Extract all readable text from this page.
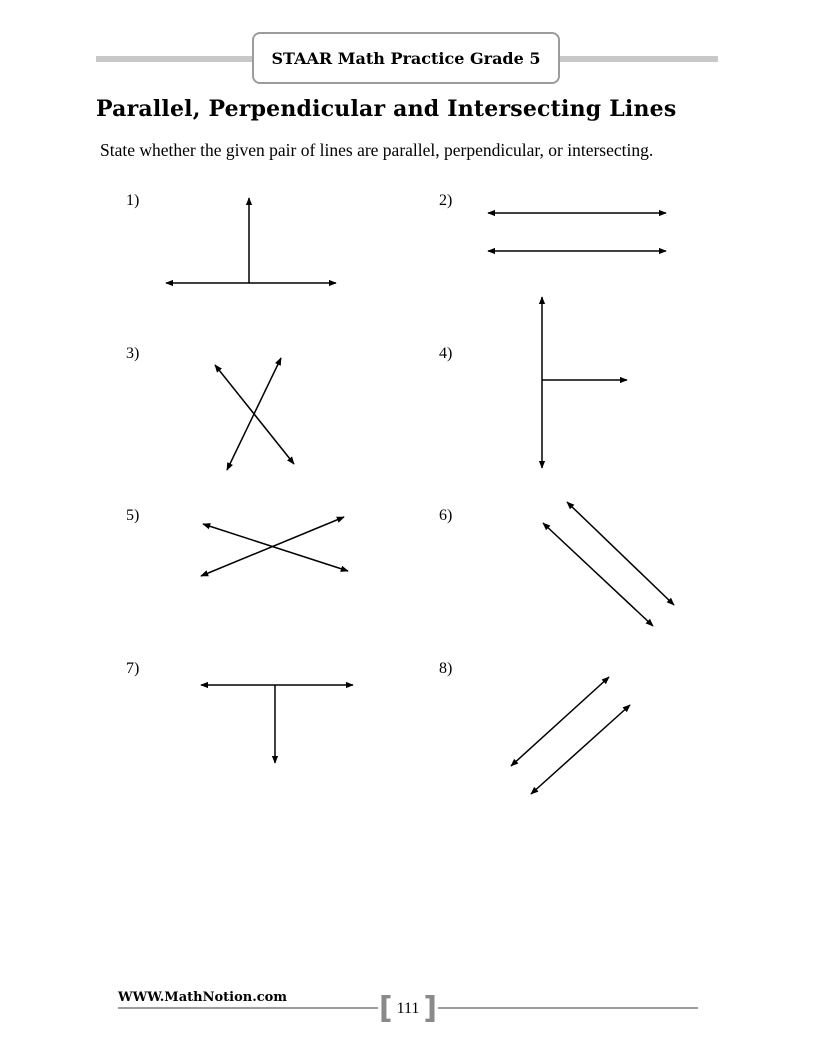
STAAR Math Practice Grade 5
Parallel, Perpendicular and Intersecting Lines

State whether the given pair of lines are parallel, perpendicular, or intersecting.

1)	2)
3)	4)
5)	6)
7)	8)
WWW.MathNotion.com	[ 111 ]
